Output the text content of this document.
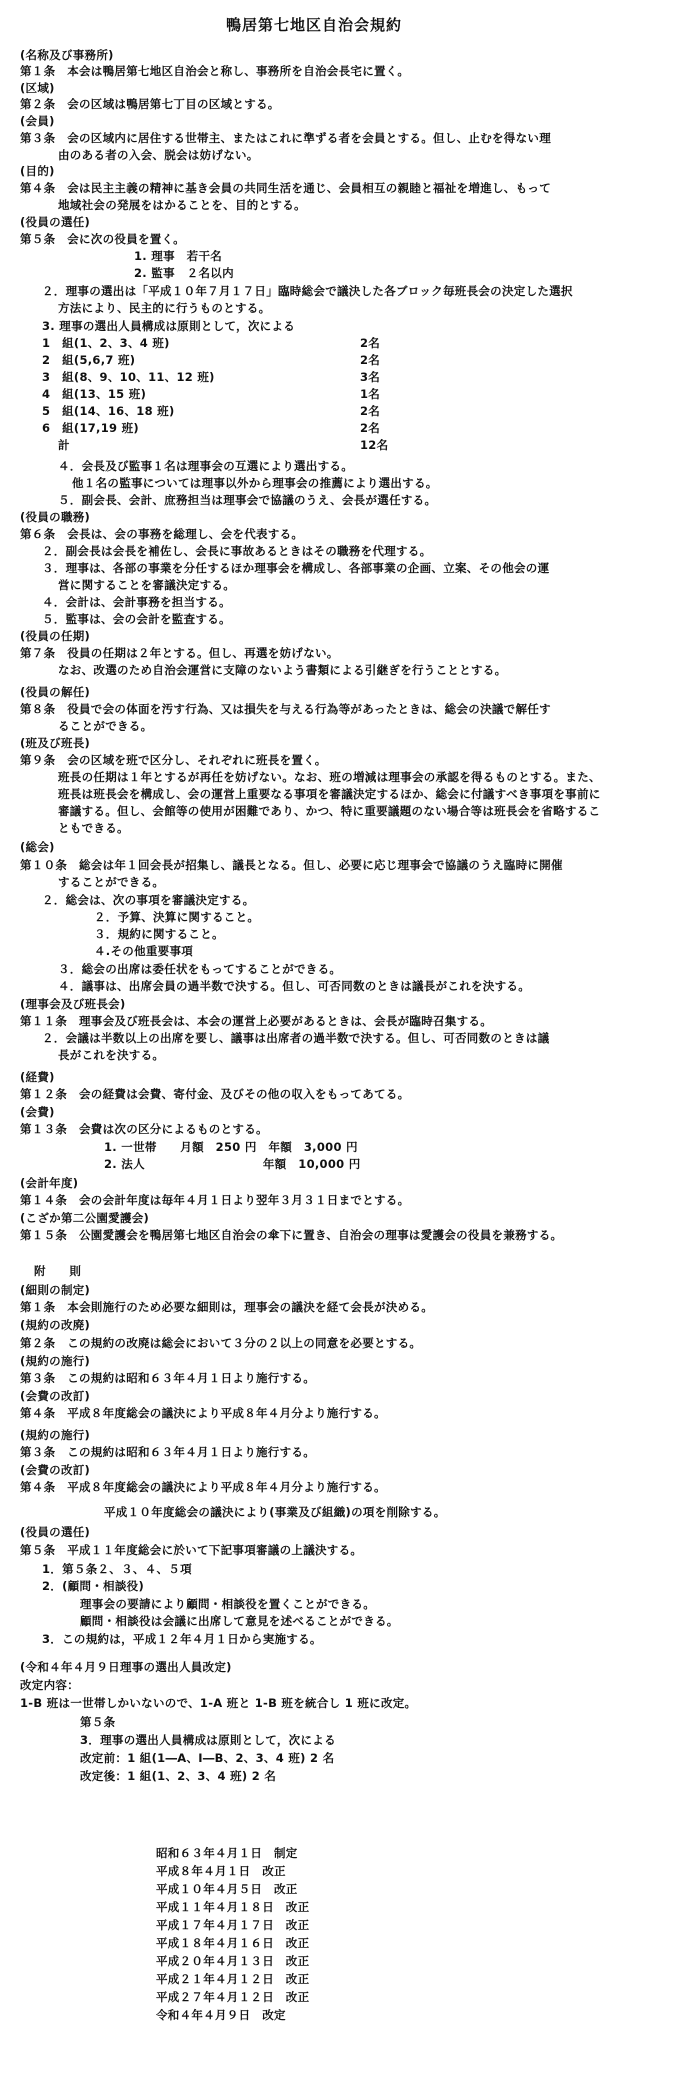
鴨居第七地区自治会規約
(名称及び事務所)
第１条　本会は鴨居第七地区自治会と称し、事務所を自治会長宅に置く。
(区域)
第２条　会の区域は鴨居第七丁目の区域とする。
(会員)
第３条　会の区域内に居住する世帯主、またはこれに準ずる者を会員とする。但し、止むを得ない理
由のある者の入会、脱会は妨げない。
(目的)
第４条　会は民主主義の精神に基き会員の共同生活を通じ、会員相互の親睦と福祉を増進し、もって
地域社会の発展をはかることを、目的とする。
(役員の選任)
第５条　会に次の役員を置く。
1. 理事　若干名
2. 監事　２名以内
２．理事の選出は「平成１０年７月１７日」臨時総会で議決した各ブロック毎班長会の決定した選択
方法により、民主的に行うものとする。
3. 理事の選出人員構成は原則として，次による
1　組(1、2、3、4 班)	2名
2　組(5,6,7 班)	2名
3　組(8、9、10、11、12 班)	3名
4　組(13、15 班)	1名
5　組(14、16、18 班)	2名
6　組(17,19 班)	2名
計	12名
４．会長及び監事１名は理事会の互選により選出する。
他１名の監事については理事以外から理事会の推薦により選出する。
５．副会長、会計、庶務担当は理事会で協議のうえ、会長が選任する。
(役員の職務)
第６条　会長は、会の事務を総理し、会を代表する。
２．副会長は会長を補佐し、会長に事故あるときはその職務を代理する。
３．理事は、各部の事業を分任するほか理事会を構成し、各部事業の企画、立案、その他会の運
営に関することを審議決定する。
４．会計は、会計事務を担当する。
５．監事は、会の会計を監査する。
(役員の任期)
第７条　役員の任期は２年とする。但し、再選を妨げない。
なお、改選のため自治会運営に支障のないよう書類による引継ぎを行うこととする。
(役員の解任)
第８条　役員で会の体面を汚す行為、又は損失を与える行為等があったときは、総会の決議で解任す
ることができる。
(班及び班長)
第９条　会の区域を班で区分し、それぞれに班長を置く。
班長の任期は１年とするが再任を妨げない。なお、班の増減は理事会の承認を得るものとする。また、
班長は班長会を構成し、会の運営上重要なる事項を審議決定するほか、総会に付議すべき事項を事前に
審議する。但し、会館等の使用が困難であり、かつ、特に重要議題のない場合等は班長会を省略するこ
ともできる。
(総会)
第１０条　総会は年１回会長が招集し、議長となる。但し、必要に応じ理事会で協議のうえ臨時に開催
することができる。
２．総会は、次の事項を審議決定する。
２．予算、決算に関すること。
３．規約に関すること。
４.その他重要事項
３．総会の出席は委任状をもってすることができる。
４．議事は、出席会員の過半数で決する。但し、可否同数のときは議長がこれを決する。
(理事会及び班長会)
第１１条　理事会及び班長会は、本会の運営上必要があるときは、会長が臨時召集する。
２．会議は半数以上の出席を要し、議事は出席者の過半数で決する。但し、可否同数のときは議
長がこれを決する。
(経費)
第１２条　会の経費は会費、寄付金、及びその他の収入をもってあてる。
(会費)
第１３条　会費は次の区分によるものとする。
1. 一世帯　　月額　250 円　年額　3,000 円
2. 法人　　　　　　　　　　年額　10,000 円
(会計年度)
第１４条　会の会計年度は毎年４月１日より翌年３月３１日までとする。
(こざか第二公園愛護会)
第１５条　公園愛護会を鴨居第七地区自治会の傘下に置き、自治会の理事は愛護会の役員を兼務する。
附　　則
(細則の制定)
第１条　本会則施行のため必要な細則は，理事会の議決を経て会長が決める。
(規約の改廃)
第２条　この規約の改廃は総会において３分の２以上の同意を必要とする。
(規約の施行)
第３条　この規約は昭和６３年４月１日より施行する。
(会費の改訂)
第４条　平成８年度総会の議決により平成８年４月分より施行する。
(規約の施行)
第３条　この規約は昭和６３年４月１日より施行する。
(会費の改訂)
第４条　平成８年度総会の議決により平成８年４月分より施行する。
平成１０年度総会の議決により(事業及び組織)の項を削除する。
(役員の選任)
第５条　平成１１年度総会に於いて下記事項審議の上議決する。
1．第５条２、３、４、５項
2．(顧問・相談役)
理事会の要請により顧問・相談役を置くことができる。
顧問・相談役は会議に出席して意見を述べることができる。
3．この規約は，平成１２年４月１日から実施する。
(令和４年４月９日理事の選出人員改定)
改定内容：
1-B 班は一世帯しかいないので、1-A 班と 1-B 班を統合し 1 班に改定。
第５条
3．理事の選出人員構成は原則として，次による
改定前：1 組(1―A、I―B、2、3、4 班) 2 名
改定後：1 組(1、2、3、4 班) 2 名
昭和６３年４月１日　制定
平成８年４月１日　改正
平成１０年４月５日　改正
平成１１年４月１８日　改正
平成１７年４月１７日　改正
平成１８年４月１６日　改正
平成２０年４月１３日　改正
平成２１年４月１２日　改正
平成２７年４月１２日　改正
令和４年４月９日　改定
